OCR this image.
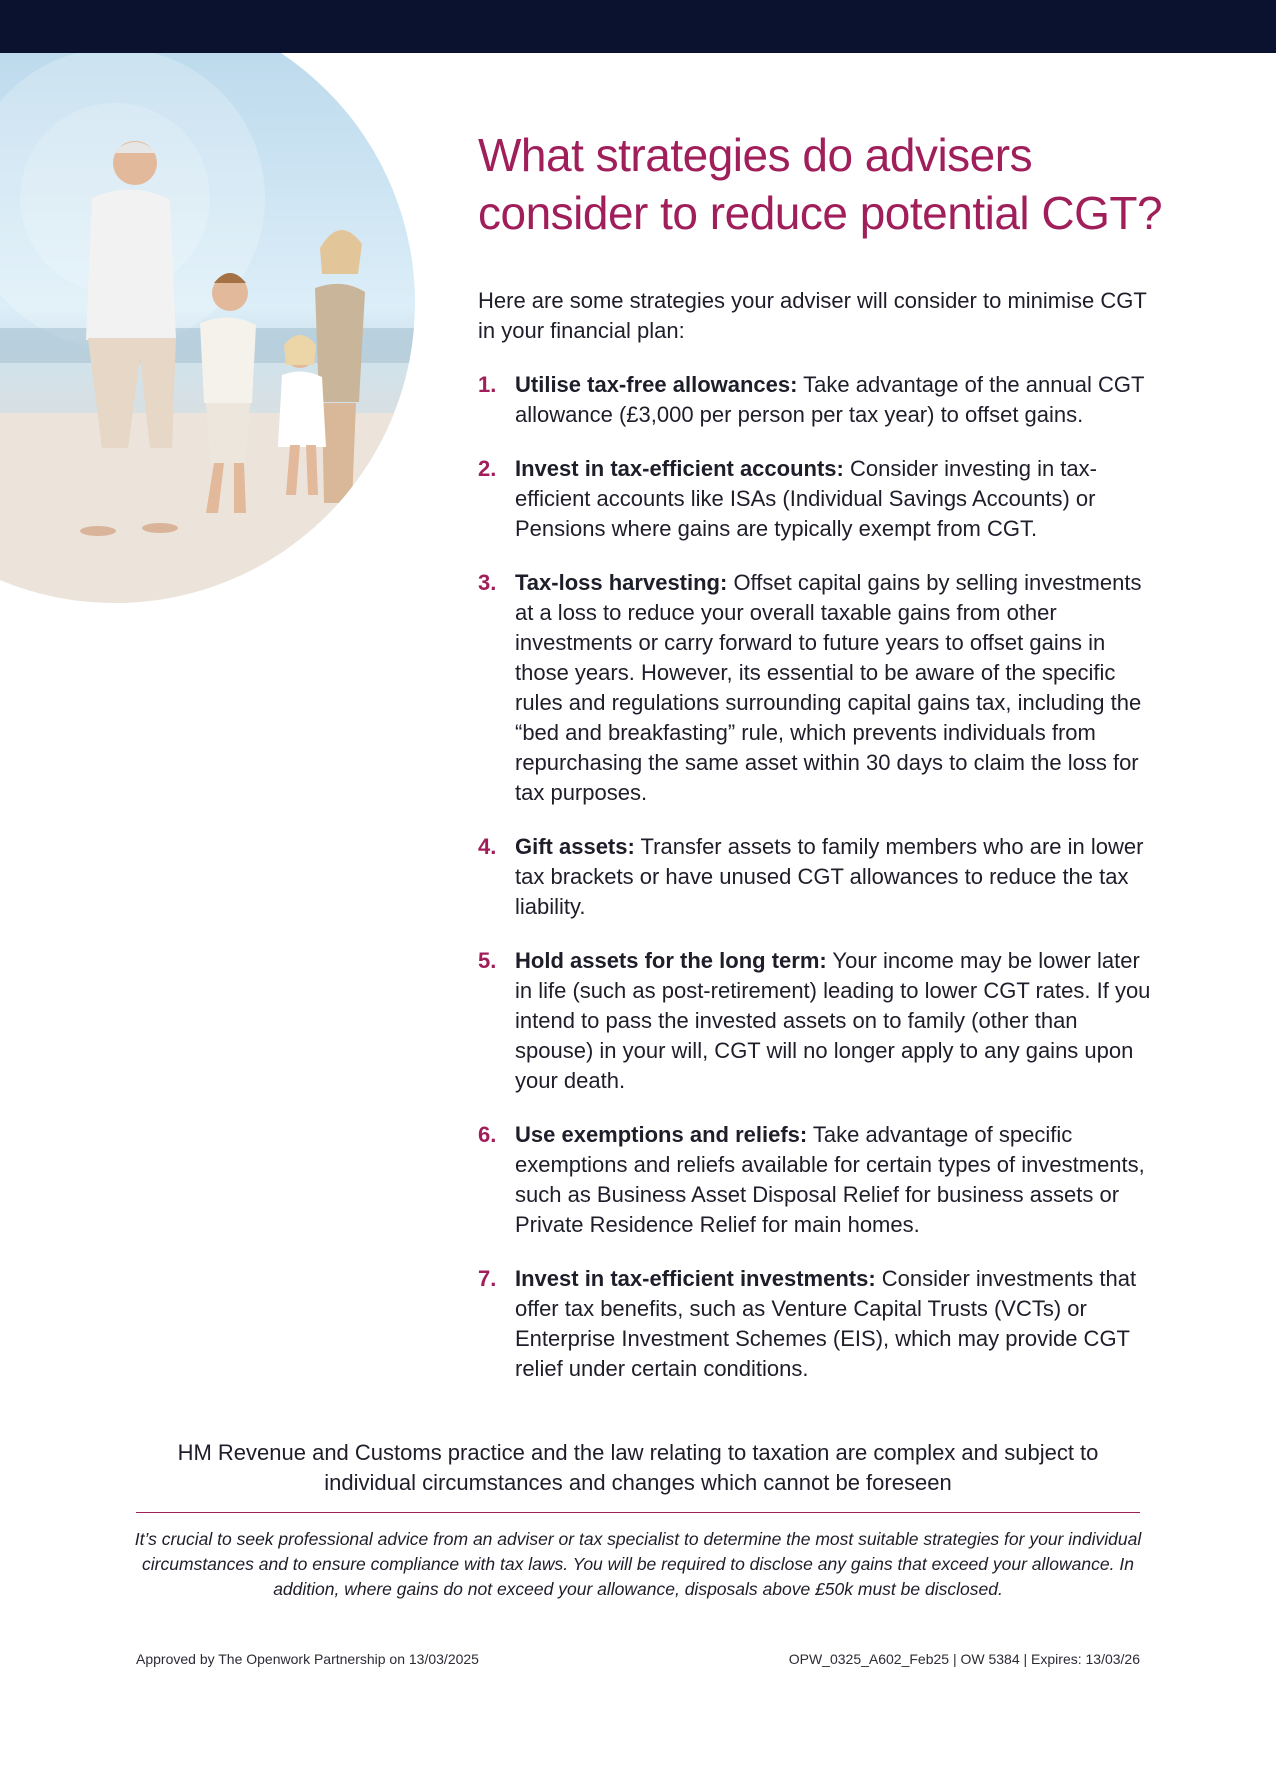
What strategies do advisers consider to reduce potential CGT?

Here are some strategies your adviser will consider to minimise CGT in your financial plan:

1. Utilise tax-free allowances: Take advantage of the annual CGT allowance (£3,000 per person per tax year) to offset gains.
2. Invest in tax-efficient accounts: Consider investing in tax-efficient accounts like ISAs (Individual Savings Accounts) or Pensions where gains are typically exempt from CGT.
3. Tax-loss harvesting: Offset capital gains by selling investments at a loss to reduce your overall taxable gains from other investments or carry forward to future years to offset gains in those years. However, its essential to be aware of the specific rules and regulations surrounding capital gains tax, including the “bed and breakfasting” rule, which prevents individuals from repurchasing the same asset within 30 days to claim the loss for tax purposes.
4. Gift assets: Transfer assets to family members who are in lower tax brackets or have unused CGT allowances to reduce the tax liability.
5. Hold assets for the long term: Your income may be lower later in life (such as post-retirement) leading to lower CGT rates. If you intend to pass the invested assets on to family (other than spouse) in your will, CGT will no longer apply to any gains upon your death.
6. Use exemptions and reliefs: Take advantage of specific exemptions and reliefs available for certain types of investments, such as Business Asset Disposal Relief for business assets or Private Residence Relief for main homes.
7. Invest in tax-efficient investments: Consider investments that offer tax benefits, such as Venture Capital Trusts (VCTs) or Enterprise Investment Schemes (EIS), which may provide CGT relief under certain conditions.

HM Revenue and Customs practice and the law relating to taxation are complex and subject to individual circumstances and changes which cannot be foreseen

It’s crucial to seek professional advice from an adviser or tax specialist to determine the most suitable strategies for your individual circumstances and to ensure compliance with tax laws. You will be required to disclose any gains that exceed your allowance. In addition, where gains do not exceed your allowance, disposals above £50k must be disclosed.

Approved by The Openwork Partnership on 13/03/2025	OPW_0325_A602_Feb25 | OW 5384 | Expires: 13/03/26
